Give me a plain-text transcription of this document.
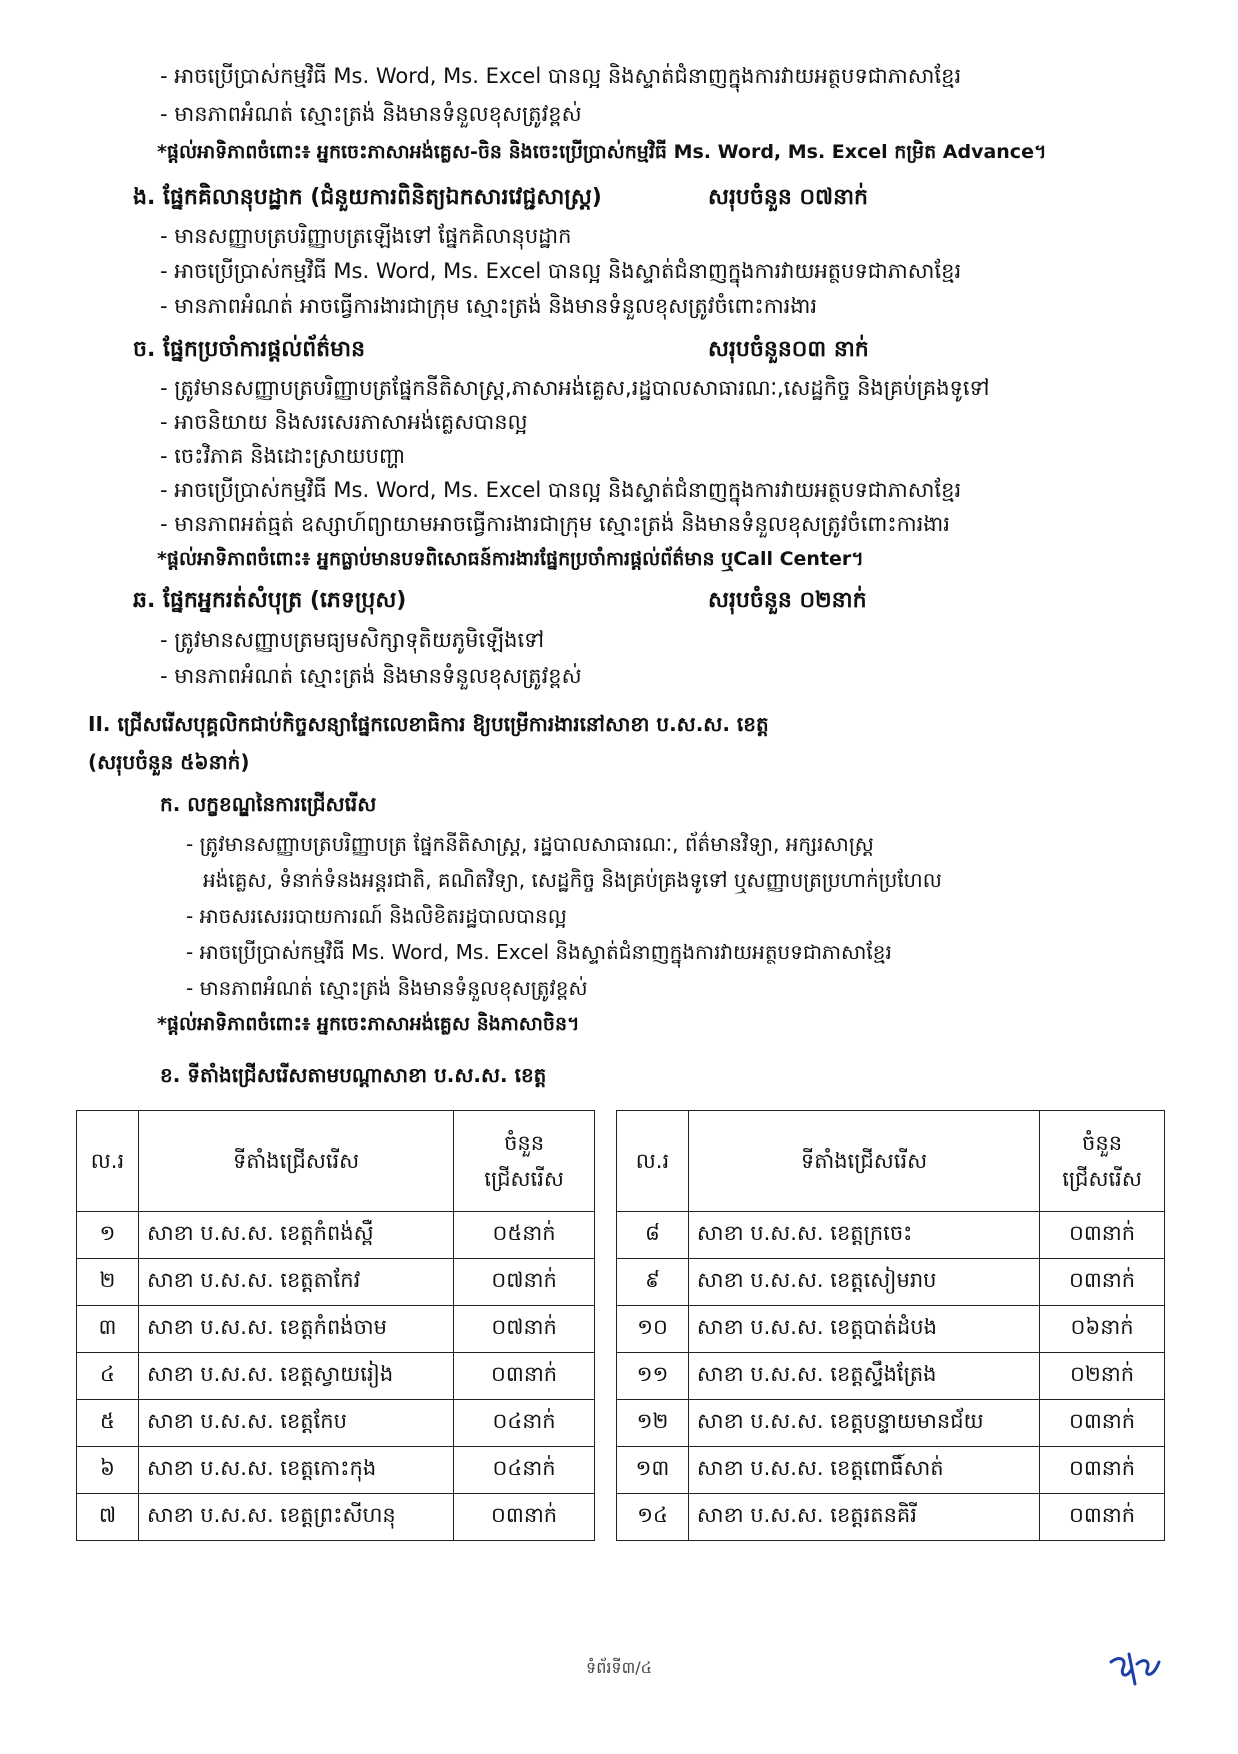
- អាចប្រើប្រាស់កម្មវិធី Ms. Word, Ms. Excel បានល្អ និងស្ទាត់ជំនាញក្នុងការវាយអត្ថបទជាភាសាខ្មែរ
- មានភាពអំណត់ ស្មោះត្រង់ និងមានទំនួលខុសត្រូវខ្ពស់
*ផ្តល់អាទិភាពចំពោះ៖ អ្នកចេះភាសាអង់គ្លេស-ចិន និងចេះប្រើប្រាស់កម្មវិធី Ms. Word, Ms. Excel កម្រិត Advance។
ង. ផ្នែកគិលានុបដ្ឋាក (ជំនួយការពិនិត្យឯកសារវេជ្ជសាស្ត្រ)	សរុបចំនួន ០៧នាក់
- មានសញ្ញាបត្របរិញ្ញាបត្រឡើងទៅ ផ្នែកគិលានុបដ្ឋាក
- អាចប្រើប្រាស់កម្មវិធី Ms. Word, Ms. Excel បានល្អ និងស្ទាត់ជំនាញក្នុងការវាយអត្ថបទជាភាសាខ្មែរ
- មានភាពអំណត់ អាចធ្វើការងារជាក្រុម ស្មោះត្រង់ និងមានទំនួលខុសត្រូវចំពោះការងារ
ច. ផ្នែកប្រចាំការផ្តល់ព័ត៌មាន	សរុបចំនួន០៣ នាក់
- ត្រូវមានសញ្ញាបត្របរិញ្ញាបត្រផ្នែកនីតិសាស្ត្រ,ភាសាអង់គ្លេស,រដ្ឋបាលសាធារណៈ,សេដ្ឋកិច្ច និងគ្រប់គ្រងទូទៅ
- អាចនិយាយ និងសរសេរភាសាអង់គ្លេសបានល្អ
- ចេះវិភាគ និងដោះស្រាយបញ្ហា
- អាចប្រើប្រាស់កម្មវិធី Ms. Word, Ms. Excel បានល្អ និងស្ទាត់ជំនាញក្នុងការវាយអត្ថបទជាភាសាខ្មែរ
- មានភាពអត់ធ្មត់ ឧស្សាហ៍ព្យាយាមអាចធ្វើការងារជាក្រុម ស្មោះត្រង់ និងមានទំនួលខុសត្រូវចំពោះការងារ
*ផ្តល់អាទិភាពចំពោះ៖ អ្នកធ្លាប់មានបទពិសោធន៍ការងារផ្នែកប្រចាំការផ្តល់ព័ត៌មាន ឬCall Center។
ឆ. ផ្នែកអ្នករត់សំបុត្រ (ភេទប្រុស)	សរុបចំនួន ០២នាក់
- ត្រូវមានសញ្ញាបត្រមធ្យមសិក្សាទុតិយភូមិឡើងទៅ
- មានភាពអំណត់ ស្មោះត្រង់ និងមានទំនួលខុសត្រូវខ្ពស់
II. ជ្រើសរើសបុគ្គលិកជាប់កិច្ចសន្យាផ្នែកលេខាធិការ ឱ្យបម្រើការងារនៅសាខា ប.ស.ស. ខេត្ត
(សរុបចំនួន ៥៦នាក់)
ក. លក្ខខណ្ឌនៃការជ្រើសរើស
- ត្រូវមានសញ្ញាបត្របរិញ្ញាបត្រ ផ្នែកនីតិសាស្ត្រ, រដ្ឋបាលសាធារណៈ, ព័ត៌មានវិទ្យា, អក្សរសាស្ត្រ
អង់គ្លេស, ទំនាក់ទំនងអន្តរជាតិ, គណិតវិទ្យា, សេដ្ឋកិច្ច និងគ្រប់គ្រងទូទៅ ឬសញ្ញាបត្រប្រហាក់ប្រហែល
- អាចសរសេររបាយការណ៍ និងលិខិតរដ្ឋបាលបានល្អ
- អាចប្រើប្រាស់កម្មវិធី Ms. Word, Ms. Excel និងស្ទាត់ជំនាញក្នុងការវាយអត្ថបទជាភាសាខ្មែរ
- មានភាពអំណត់ ស្មោះត្រង់ និងមានទំនួលខុសត្រូវខ្ពស់
*ផ្តល់អាទិភាពចំពោះ៖ អ្នកចេះភាសាអង់គ្លេស និងភាសាចិន។
ខ. ទីតាំងជ្រើសរើសតាមបណ្តាសាខា ប.ស.ស. ខេត្ត
ល.រ	ទីតាំងជ្រើសរើស	ចំនួន
ជ្រើសរើស
១	សាខា ប.ស.ស. ខេត្តកំពង់ស្ពឺ	០៥នាក់
២	សាខា ប.ស.ស. ខេត្តតាកែវ	០៧នាក់
៣	សាខា ប.ស.ស. ខេត្តកំពង់ចាម	០៧នាក់
៤	សាខា ប.ស.ស. ខេត្តស្វាយរៀង	០៣នាក់
៥	សាខា ប.ស.ស. ខេត្តកែប	០៤នាក់
៦	សាខា ប.ស.ស. ខេត្តកោះកុង	០៤នាក់
៧	សាខា ប.ស.ស. ខេត្តព្រះសីហនុ	០៣នាក់
ល.រ	ទីតាំងជ្រើសរើស	ចំនួន
ជ្រើសរើស
៨	សាខា ប.ស.ស. ខេត្តក្រចេះ	០៣នាក់
៩	សាខា ប.ស.ស. ខេត្តសៀមរាប	០៣នាក់
១០	សាខា ប.ស.ស. ខេត្តបាត់ដំបង	០៦នាក់
១១	សាខា ប.ស.ស. ខេត្តស្ទឹងត្រែង	០២នាក់
១២	សាខា ប.ស.ស. ខេត្តបន្ទាយមានជ័យ	០៣នាក់
១៣	សាខា ប.ស.ស. ខេត្តពោធិ៍សាត់	០៣នាក់
១៤	សាខា ប.ស.ស. ខេត្តរតនគិរី	០៣នាក់
ទំព័រទី៣/៤
